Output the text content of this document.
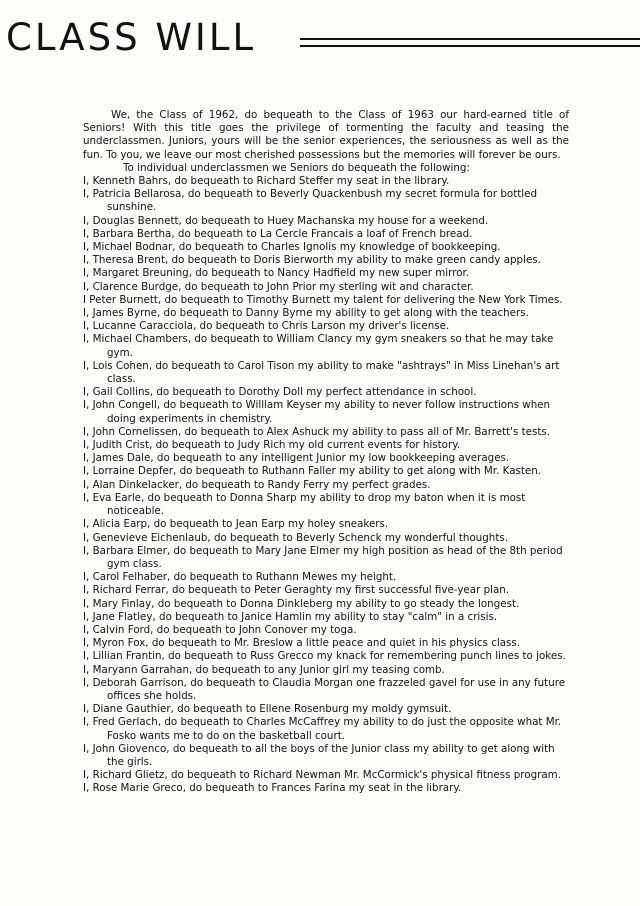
CLASS WILL

We, the Class of 1962, do bequeath to the Class of 1963 our hard-earned title of Seniors! With this title goes the privilege of tormenting the faculty and teasing the underclassmen. Juniors, yours will be the senior experiences, the seriousness as well as the fun. To you, we leave our most cherished possessions but the memories will forever be ours.

To individual underclassmen we Seniors do bequeath the following:

I, Kenneth Bahrs, do bequeath to Richard Steffer my seat in the library.

I, Patricia Bellarosa, do bequeath to Beverly Quackenbush my secret formula for bottled sunshine.

I, Douglas Bennett, do bequeath to Huey Machanska my house for a weekend.

I, Barbara Bertha, do bequeath to La Cercle Francais a loaf of French bread.

I, Michael Bodnar, do bequeath to Charles Ignolis my knowledge of bookkeeping.

I, Theresa Brent, do bequeath to Doris Bierworth my ability to make green candy apples.

I, Margaret Breuning, do bequeath to Nancy Hadfield my new super mirror.

I, Clarence Burdge, do bequeath to John Prior my sterling wit and character.

I Peter Burnett, do bequeath to Timothy Burnett my talent for delivering the New York Times.

I, James Byrne, do bequeath to Danny Byrne my ability to get along with the teachers.

I, Lucanne Caracciola, do bequeath to Chris Larson my driver's license.

I, Michael Chambers, do bequeath to William Clancy my gym sneakers so that he may take gym.

I, Lois Cohen, do bequeath to Carol Tison my ability to make "ashtrays" in Miss Linehan's art class.

I, Gail Collins, do bequeath to Dorothy Doll my perfect attendance in school.

I, John Congell, do bequeath to William Keyser my ability to never follow instructions when doing experiments in chemistry.

I, John Cornelissen, do bequeath to Alex Ashuck my ability to pass all of Mr. Barrett's tests.

I, Judith Crist, do bequeath to Judy Rich my old current events for history.

I, James Dale, do bequeath to any intelligent Junior my low bookkeeping averages.

I, Lorraine Depfer, do bequeath to Ruthann Faller my ability to get along with Mr. Kasten.

I, Alan Dinkelacker, do bequeath to Randy Ferry my perfect grades.

I, Eva Earle, do bequeath to Donna Sharp my ability to drop my baton when it is most noticeable.

I, Alicia Earp, do bequeath to Jean Earp my holey sneakers.

I, Genevieve Eichenlaub, do bequeath to Beverly Schenck my wonderful thoughts.

I, Barbara Elmer, do bequeath to Mary Jane Elmer my high position as head of the 8th period gym class.

I, Carol Felhaber, do bequeath to Ruthann Mewes my height.

I, Richard Ferrar, do bequeath to Peter Geraghty my first successful five-year plan.

I, Mary Finlay, do bequeath to Donna Dinkleberg my ability to go steady the longest.

I, Jane Flatley, do bequeath to Janice Hamlin my ability to stay "calm" in a crisis.

I, Calvin Ford, do bequeath to John Conover my toga.

I, Myron Fox, do bequeath to Mr. Breslow a little peace and quiet in his physics class.

I, Lillian Frantin, do bequeath to Russ Grecco my knack for remembering punch lines to jokes.

I, Maryann Garrahan, do bequeath to any Junior girl my teasing comb.

I, Deborah Garrison, do bequeath to Claudia Morgan one frazzeled gavel for use in any future offices she holds.

I, Diane Gauthier, do bequeath to Ellene Rosenburg my moldy gymsuit.

I, Fred Gerlach, do bequeath to Charles McCaffrey my ability to do just the opposite what Mr. Fosko wants me to do on the basketball court.

I, John Giovenco, do bequeath to all the boys of the Junior class my ability to get along with the girls.

I, Richard Glietz, do bequeath to Richard Newman Mr. McCormick's physical fitness program.

I, Rose Marie Greco, do bequeath to Frances Farina my seat in the library.
